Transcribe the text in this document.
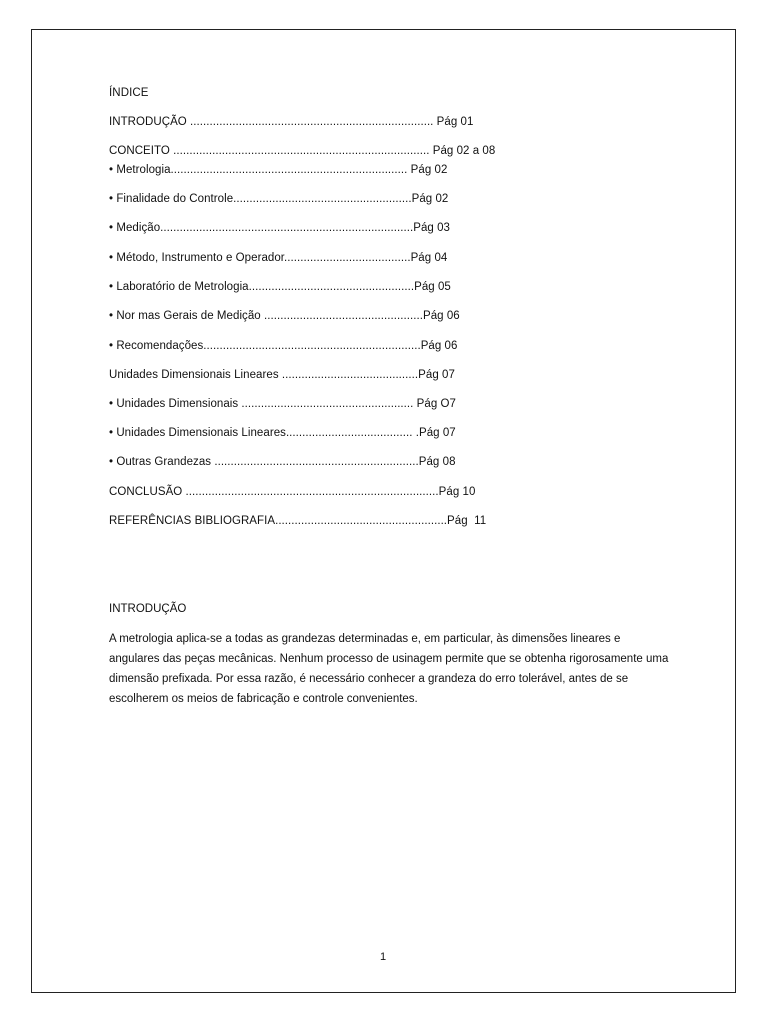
ÍNDICE
INTRODUÇÃO ........................................................................... Pág 01
CONCEITO ............................................................................... Pág 02 a 08
• Metrologia......................................................................... Pág 02
• Finalidade do Controle.......................................................Pág 02
• Medição..............................................................................Pág 03
• Método, Instrumento e Operador.......................................Pág 04
• Laboratório de Metrologia...................................................Pág 05
• Nor mas Gerais de Medição .................................................Pág 06
• Recomendações...................................................................Pág 06
Unidades Dimensionais Lineares ..........................................Pág 07
• Unidades Dimensionais ..................................................... Pág O7
• Unidades Dimensionais Lineares....................................... .Pág 07
• Outras Grandezas ...............................................................Pág 08
CONCLUSÃO ..............................................................................Pág 10
REFERÊNCIAS BIBLIOGRAFIA.....................................................Pág  11
INTRODUÇÃO
A metrologia aplica-se a todas as grandezas determinadas e, em particular, às dimensões lineares e angulares das peças mecânicas. Nenhum processo de usinagem permite que se obtenha rigorosamente uma dimensão prefixada. Por essa razão, é necessário conhecer a grandeza do erro tolerável, antes de se escolherem os meios de fabricação e controle convenientes.
1
